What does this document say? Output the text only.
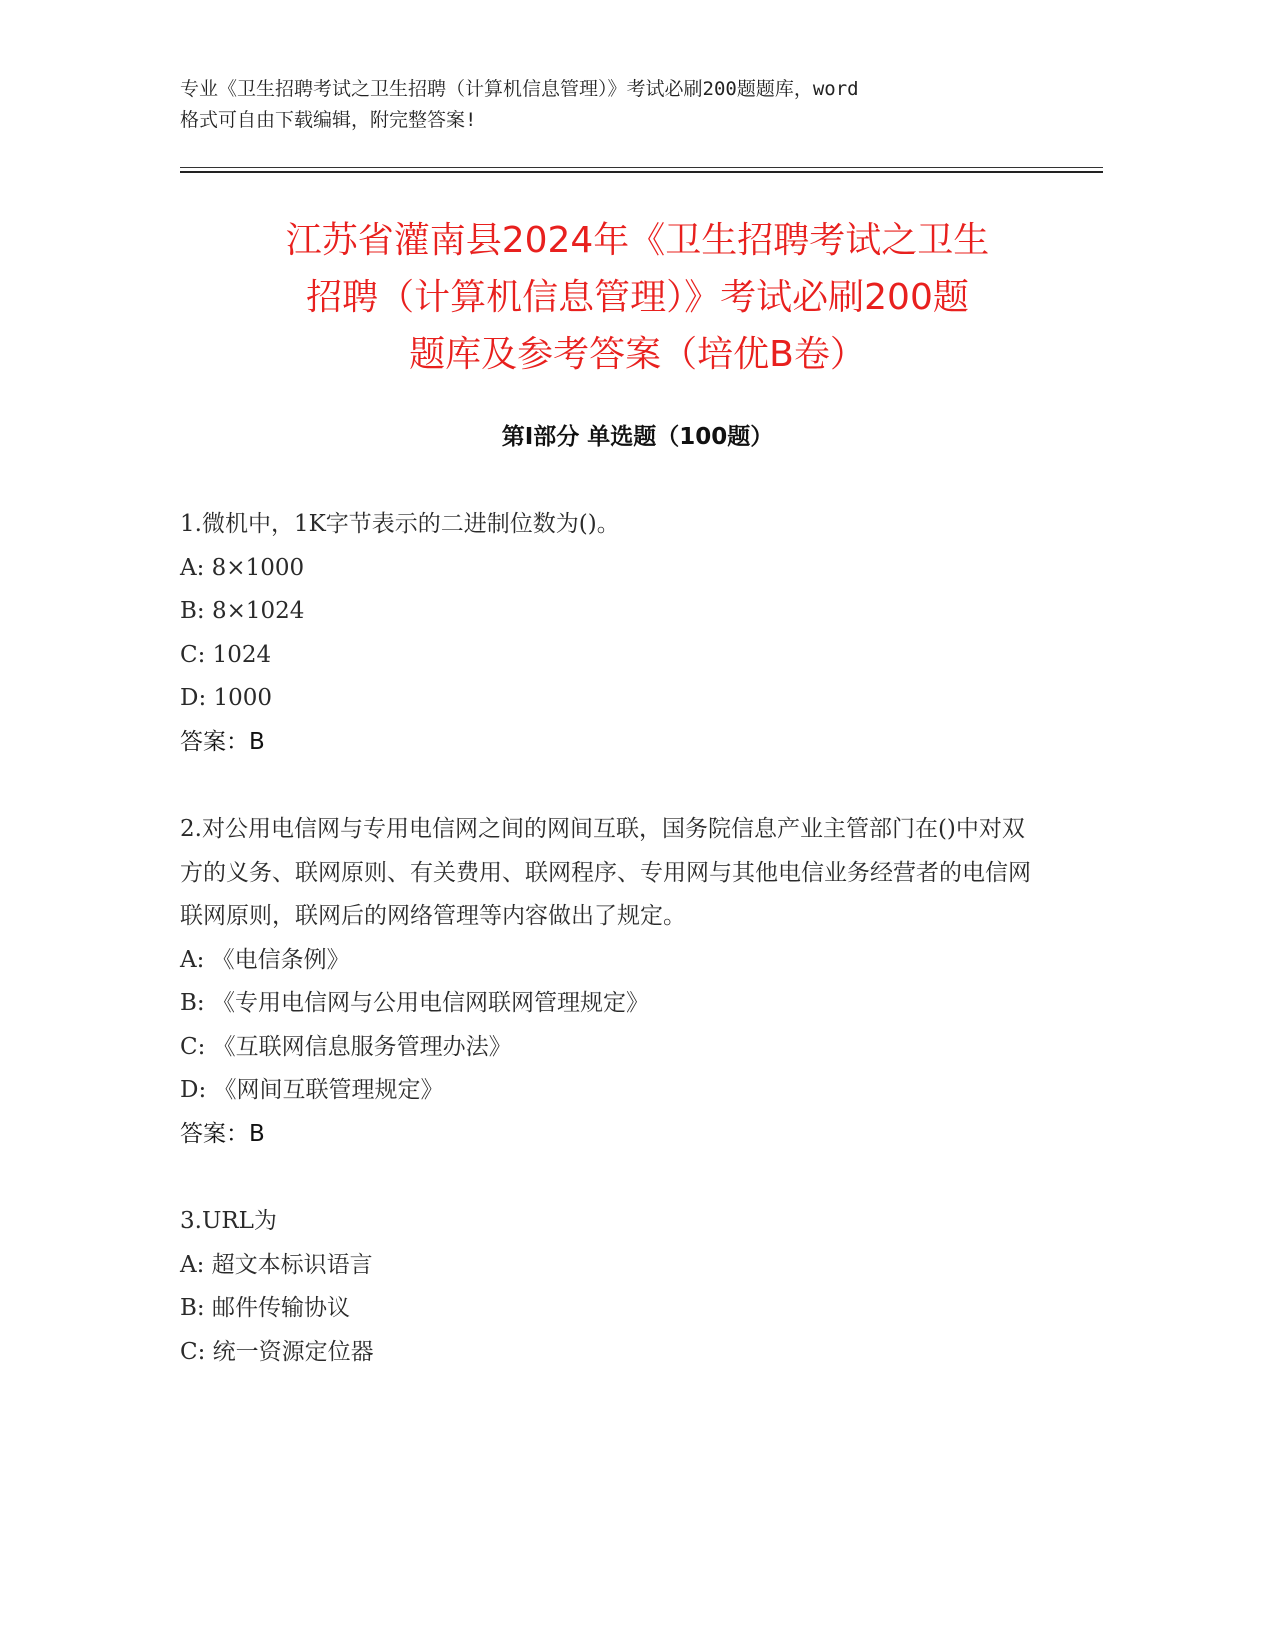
专业《卫生招聘考试之卫生招聘（计算机信息管理）》考试必刷200题题库，word
格式可自由下载编辑，附完整答案!
江苏省灌南县2024年《卫生招聘考试之卫生
招聘（计算机信息管理）》考试必刷200题
题库及参考答案（培优B卷）
第I部分 单选题（100题）

1.微机中，1K字节表示的二进制位数为()。

A: 8×1000

B: 8×1024

C: 1024

D: 1000

答案：B

2.对公用电信网与专用电信网之间的网间互联，国务院信息产业主管部门在()中对双方的义务、联网原则、有关费用、联网程序、专用网与其他电信业务经营者的电信网联网原则，联网后的网络管理等内容做出了规定。

A: 《电信条例》

B: 《专用电信网与公用电信网联网管理规定》

C: 《互联网信息服务管理办法》

D: 《网间互联管理规定》

答案：B

3.URL为

A: 超文本标识语言

B: 邮件传输协议

C: 统一资源定位器
